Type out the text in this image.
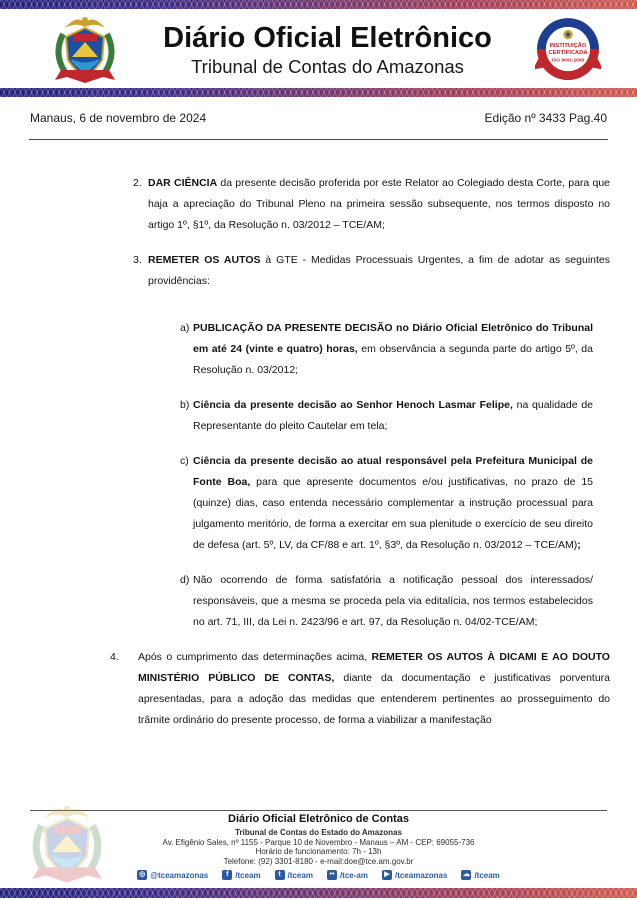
Diário Oficial Eletrônico
Tribunal de Contas do Amazonas
INSTITUIÇÃO
CERTIFICADA
ISO 9001:2008
Manaus, 6 de novembro de 2024	Edição nº 3433 Pag.40
2. DAR CIÊNCIA da presente decisão proferida por este Relator ao Colegiado desta Corte, para que haja a apreciação do Tribunal Pleno na primeira sessão subsequente, nos termos disposto no artigo 1º, §1º, da Resolução n. 03/2012 – TCE/AM;
3. REMETER OS AUTOS à GTE - Medidas Processuais Urgentes, a fim de adotar as seguintes providências:
a) PUBLICAÇÃO DA PRESENTE DECISÃO no Diário Oficial Eletrônico do Tribunal em até 24 (vinte e quatro) horas, em observância a segunda parte do artigo 5º, da Resolução n. 03/2012;
b) Ciência da presente decisão ao Senhor Henoch Lasmar Felipe, na qualidade de Representante do pleito Cautelar em tela;
c) Ciência da presente decisão ao atual responsável pela Prefeitura Municipal de Fonte Boa, para que apresente documentos e/ou justificativas, no prazo de 15 (quinze) dias, caso entenda necessário complementar a instrução processual para julgamento meritório, de forma a exercitar em sua plenitude o exercício de seu direito de defesa (art. 5º, LV, da CF/88 e art. 1º, §3º, da Resolução n. 03/2012 – TCE/AM);
d) Não ocorrendo de forma satisfatória a notificação pessoal dos interessados/ responsáveis, que a mesma se proceda pela via editalícia, nos termos estabelecidos no art. 71, III, da Lei n. 2423/96 e art. 97, da Resolução n. 04/02-TCE/AM;
4. Após o cumprimento das determinações acima, REMETER OS AUTOS À DICAMI E AO DOUTO MINISTÉRIO PÚBLICO DE CONTAS, diante da documentação e justificativas porventura apresentadas, para a adoção das medidas que entenderem pertinentes ao prosseguimento do trâmite ordinário do presente processo, de forma a viabilizar a manifestação
Diário Oficial Eletrônico de Contas
Tribunal de Contas do Estado do Amazonas
Av. Efigênio Sales, nº 1155 - Parque 10 de Novembro - Manaus – AM - CEP: 69055-736
Horário de funcionamento: 7h - 13h
Telefone: (92) 3301-8180 - e-mail:doe@tce.am.gov.br
◎ @tceamazonas	f /tceam	t /tceam	•• /tce-am	▶ /tceamazonas ☁ /tceam
